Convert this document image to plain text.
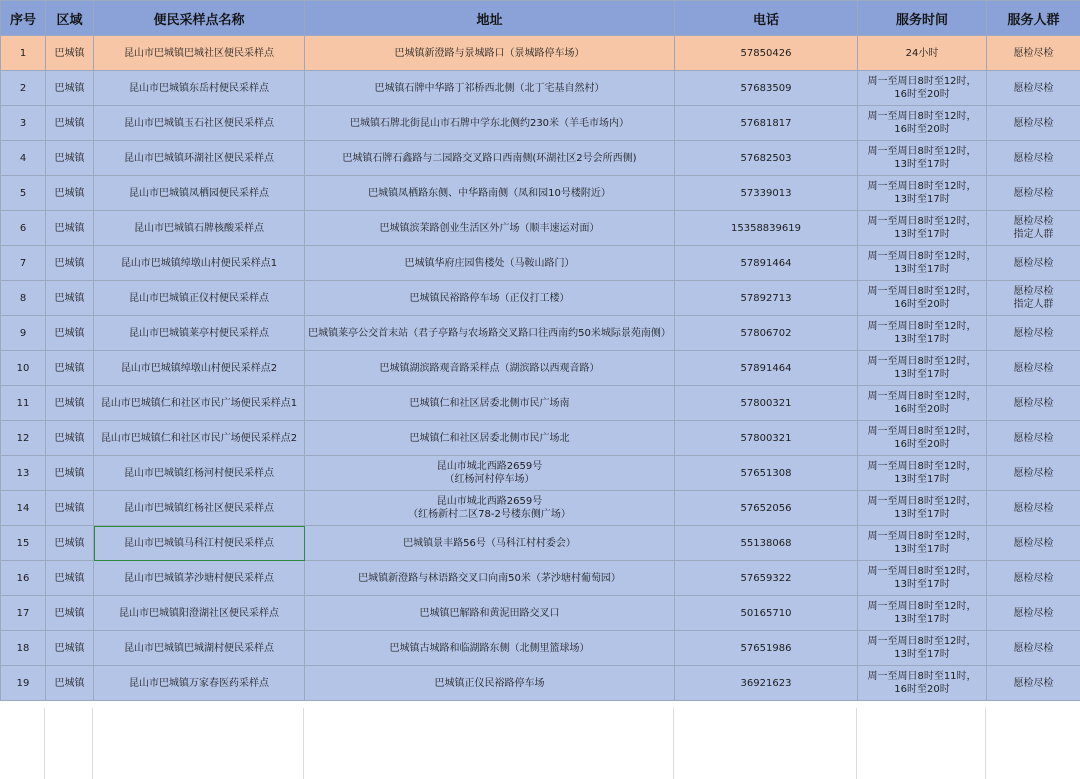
序号	区域	便民采样点名称	地址	电话	服务时间	服务人群
1	巴城镇	昆山市巴城镇巴城社区便民采样点	巴城镇新澄路与景城路口（景城路停车场）	57850426	24小时	愿检尽检
2	巴城镇	昆山市巴城镇东岳村便民采样点	巴城镇石牌中华路丁祁桥西北侧（北丁宅基自然村）	57683509	周一至周日8时至12时，
16时至20时	愿检尽检
3	巴城镇	昆山市巴城镇玉石社区便民采样点	巴城镇石牌北街昆山市石牌中学东北侧约230米（羊毛市场内）	57681817	周一至周日8时至12时，
16时至20时	愿检尽检
4	巴城镇	昆山市巴城镇环湖社区便民采样点	巴城镇石牌石鑫路与二园路交叉路口西南侧(环湖社区2号会所西侧)	57682503	周一至周日8时至12时，
13时至17时	愿检尽检
5	巴城镇	昆山市巴城镇凤栖园便民采样点	巴城镇凤栖路东侧、中华路南侧（凤和园10号楼附近）	57339013	周一至周日8时至12时，
13时至17时	愿检尽检
6	巴城镇	昆山市巴城镇石牌核酸采样点	巴城镇滨茉路创业生活区外广场（顺丰速运对面）	15358839619	周一至周日8时至12时，
13时至17时	愿检尽检
指定人群
7	巴城镇	昆山市巴城镇绰墩山村便民采样点1	巴城镇华府庄园售楼处（马鞍山路门）	57891464	周一至周日8时至12时，
13时至17时	愿检尽检
8	巴城镇	昆山市巴城镇正仪村便民采样点	巴城镇民裕路停车场（正仪打工楼）	57892713	周一至周日8时至12时，
16时至20时	愿检尽检
指定人群
9	巴城镇	昆山市巴城镇莱亭村便民采样点	巴城镇莱亭公交首末站（君子亭路与农场路交叉路口往西南约50米城际景苑南侧）	57806702	周一至周日8时至12时，
13时至17时	愿检尽检
10	巴城镇	昆山市巴城镇绰墩山村便民采样点2	巴城镇湖滨路观音路采样点（湖滨路以西观音路）	57891464	周一至周日8时至12时，
13时至17时	愿检尽检
11	巴城镇	昆山市巴城镇仁和社区市民广场便民采样点1	巴城镇仁和社区居委北侧市民广场南	57800321	周一至周日8时至12时，
16时至20时	愿检尽检
12	巴城镇	昆山市巴城镇仁和社区市民广场便民采样点2	巴城镇仁和社区居委北侧市民广场北	57800321	周一至周日8时至12时，
16时至20时	愿检尽检
13	巴城镇	昆山市巴城镇红杨河村便民采样点	昆山市城北西路2659号
（红杨河村停车场）	57651308	周一至周日8时至12时，
13时至17时	愿检尽检
14	巴城镇	昆山市巴城镇红杨社区便民采样点	昆山市城北西路2659号
（红杨新村二区78-2号楼东侧广场）	57652056	周一至周日8时至12时，
13时至17时	愿检尽检
15	巴城镇	昆山市巴城镇马科江村便民采样点	巴城镇景丰路56号（马科江村村委会）	55138068	周一至周日8时至12时，
13时至17时	愿检尽检
16	巴城镇	昆山市巴城镇茅沙塘村便民采样点	巴城镇新澄路与林语路交叉口向南50米（茅沙塘村葡萄园）	57659322	周一至周日8时至12时，
13时至17时	愿检尽检
17	巴城镇	昆山市巴城镇阳澄湖社区便民采样点	巴城镇巴解路和黄泥田路交叉口	50165710	周一至周日8时至12时，
13时至17时	愿检尽检
18	巴城镇	昆山市巴城镇巴城湖村便民采样点	巴城镇古城路和临湖路东侧（北侧里篮球场）	57651986	周一至周日8时至12时，
13时至17时	愿检尽检
19	巴城镇	昆山市巴城镇万家春医药采样点	巴城镇正仪民裕路停车场	36921623	周一至周日8时至11时，
16时至20时	愿检尽检
